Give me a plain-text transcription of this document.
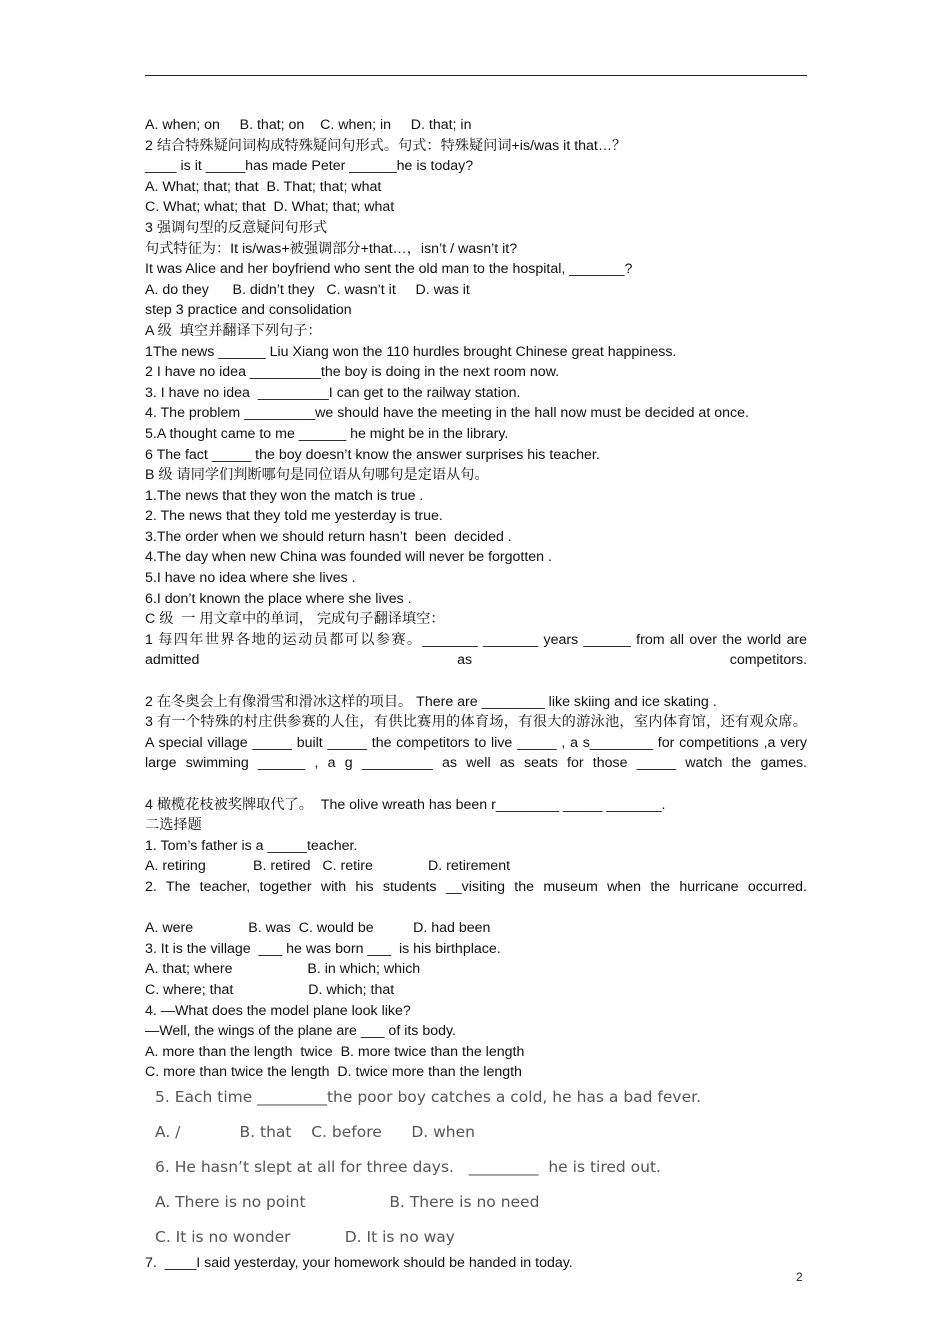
A. when; on     B. that; on    C. when; in     D. that; in
2 结合特殊疑问词构成特殊疑问句形式。句式：特殊疑问词+is/was it that…？
____ is it _____has made Peter ______he is today?
A. What; that; that  B. That; that; what
C. What; what; that  D. What; that; what
3 强调句型的反意疑问句形式
句式特征为：It is/was+被强调部分+that…，isn’t / wasn’t it?
It was Alice and her boyfriend who sent the old man to the hospital, _______?
A. do they      B. didn’t they   C. wasn’t it     D. was it
step 3 practice and consolidation
A 级  填空并翻译下列句子：
1The news ______ Liu Xiang won the 110 hurdles brought Chinese great happiness.
2 I have no idea _________the boy is doing in the next room now.
3. I have no idea  _________I can get to the railway station.
4. The problem _________we should have the meeting in the hall now must be decided at once.
5.A thought came to me ______ he might be in the library.
6 The fact _____ the boy doesn’t know the answer surprises his teacher.
B 级 请同学们判断哪句是同位语从句哪句是定语从句。
1.The news that they won the match is true .
2. The news that they told me yesterday is true.
3.The order when we should return hasn’t  been  decided .
4.The day when new China was founded will never be forgotten .
5.I have no idea where she lives .
6.I don’t known the place where she lives .
C 级  一 用文章中的单词， 完成句子翻译填空：
1 每四年世界各地的运动员都可以参赛。_______ _______ years ______ from all over the world are admitted as competitors.
2 在冬奥会上有像滑雪和滑冰这样的项目。 There are ________ like skiing and ice skating .
3 有一个特殊的村庄供参赛的人住，有供比赛用的体育场，有很大的游泳池，室内体育馆，还有观众席。 A special village _____ built _____ the competitors to live _____ , a s________ for competitions ,a very large swimming ______ , a g _________ as well as seats for those _____ watch the games.
4 橄榄花枝被奖牌取代了。  The olive wreath has been r________ _____ _______.
二选择题
1. Tom’s father is a _____teacher.
A. retiring            B. retired   C. retire              D. retirement
2. The teacher, together with his students __visiting the museum when the hurricane occurred.
A. were              B. was  C. would be          D. had been
3. It is the village  ___ he was born ___  is his birthplace.
A. that; where                   B. in which; which
C. where; that                   D. which; that
4. —What does the model plane look like?
—Well, the wings of the plane are ___ of its body.
A. more than the length  twice  B. more twice than the length
C. more than twice the length  D. twice more than the length
5. Each time _________the poor boy catches a cold, he has a bad fever.
A. /            B. that    C. before      D. when
6. He hasn’t slept at all for three days.   _________  he is tired out.
A. There is no point                 B. There is no need
C. It is no wonder           D. It is no way
7.  ____I said yesterday, your homework should be handed in today.
2
